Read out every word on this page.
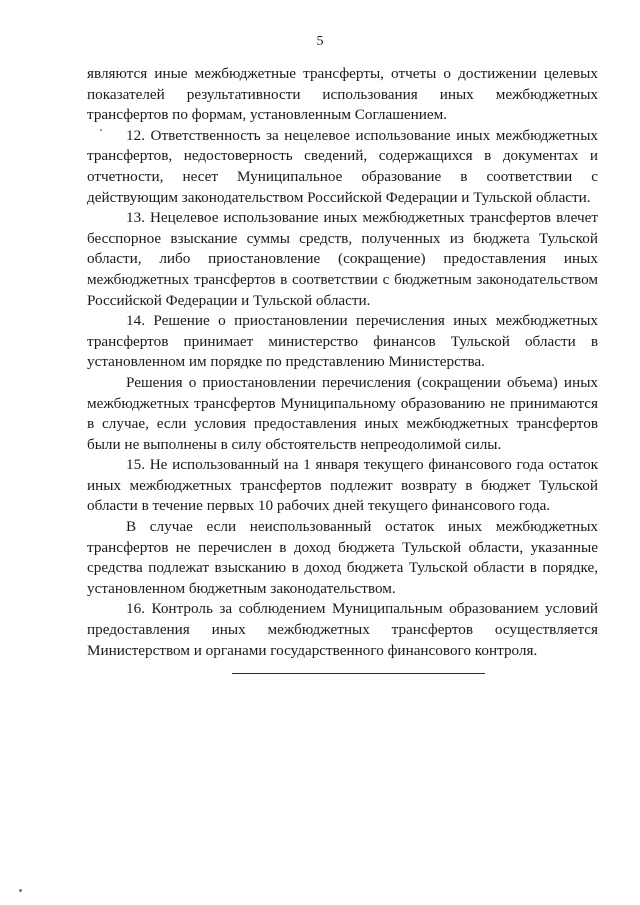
5

являются иные межбюджетные трансферты, отчеты о достижении целевых показателей результативности использования иных межбюджетных трансфертов по формам, установленным Соглашением.

12. Ответственность за нецелевое использование иных межбюджетных трансфертов, недостоверность сведений, содержащихся в документах и отчетности, несет Муниципальное образование в соответствии с действующим законодательством Российской Федерации и Тульской области.

13. Нецелевое использование иных межбюджетных трансфертов влечет бесспорное взыскание суммы средств, полученных из бюджета Тульской области, либо приостановление (сокращение) предоставления иных межбюджетных трансфертов в соответствии с бюджетным законодательством Российской Федерации и Тульской области.

14. Решение о приостановлении перечисления иных межбюджетных трансфертов принимает министерство финансов Тульской области в установленном им порядке по представлению Министерства.

Решения о приостановлении перечисления (сокращении объема) иных межбюджетных трансфертов Муниципальному образованию не принимаются в случае, если условия предоставления иных межбюджетных трансфертов были не выполнены в силу обстоятельств непреодолимой силы.

15. Не использованный на 1 января текущего финансового года остаток иных межбюджетных трансфертов подлежит возврату в бюджет Тульской области в течение первых 10 рабочих дней текущего финансового года.

В случае если неиспользованный остаток иных межбюджетных трансфертов не перечислен в доход бюджета Тульской области, указанные средства подлежат взысканию в доход бюджета Тульской области в порядке, установленном бюджетным законодательством.

16. Контроль за соблюдением Муниципальным образованием условий предоставления иных межбюджетных трансфертов осуществляется Министерством и органами государственного финансового контроля.
